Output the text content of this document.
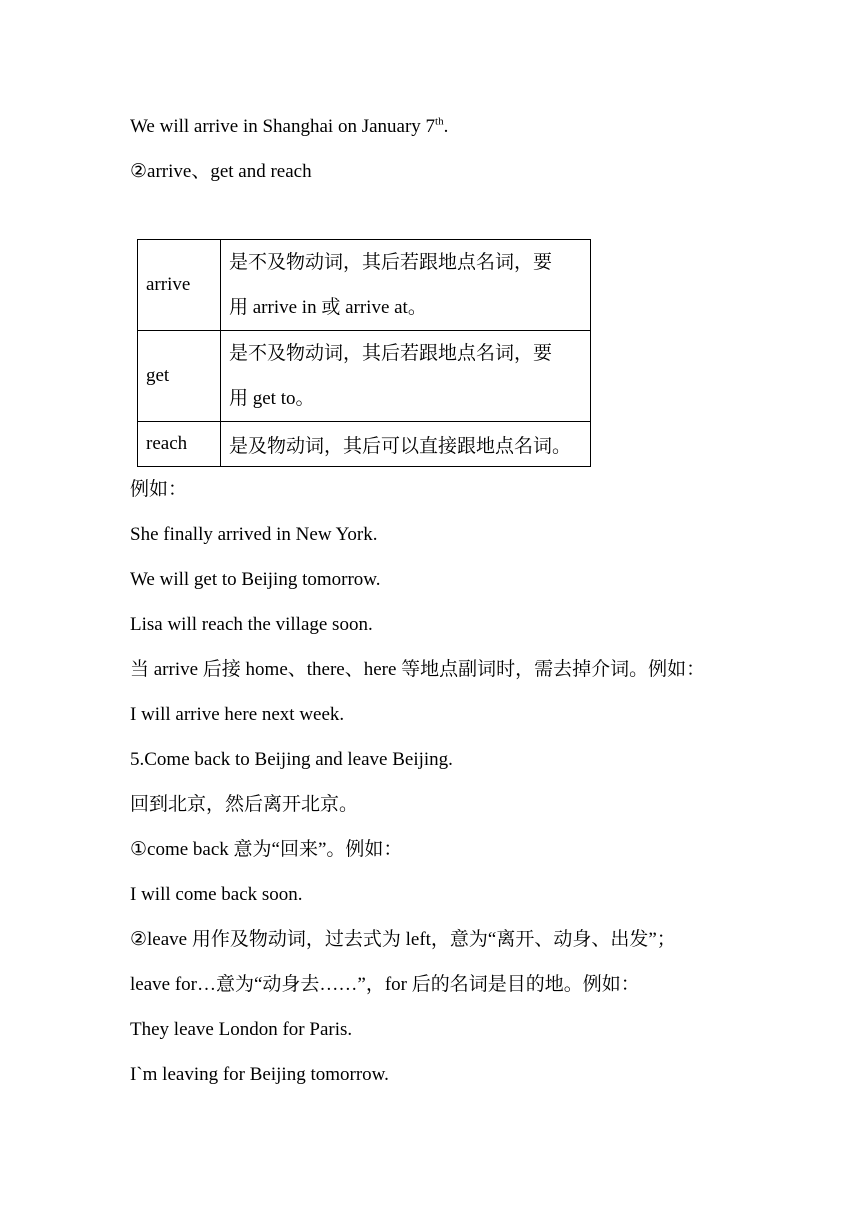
We will arrive in Shanghai on January 7th.
②arrive、get and reach
arrive	是不及物动词，其后若跟地点名词，要
用 arrive in 或 arrive at。

get	是不及物动词，其后若跟地点名词，要
用 get to。

reach	是及物动词，其后可以直接跟地点名词。
例如：
She finally arrived in New York.
We will get to Beijing tomorrow.
Lisa will reach the village soon.
当 arrive 后接 home、there、here 等地点副词时，需去掉介词。例如：
I will arrive here next week.
5.Come back to Beijing and leave Beijing.
回到北京，然后离开北京。
①come back 意为“回来”。例如：
I will come back soon.
②leave 用作及物动词，过去式为 left，意为“离开、动身、出发”；
leave for…意为“动身去……”，for 后的名词是目的地。例如：
They leave London for Paris.
I`m leaving for Beijing tomorrow.
